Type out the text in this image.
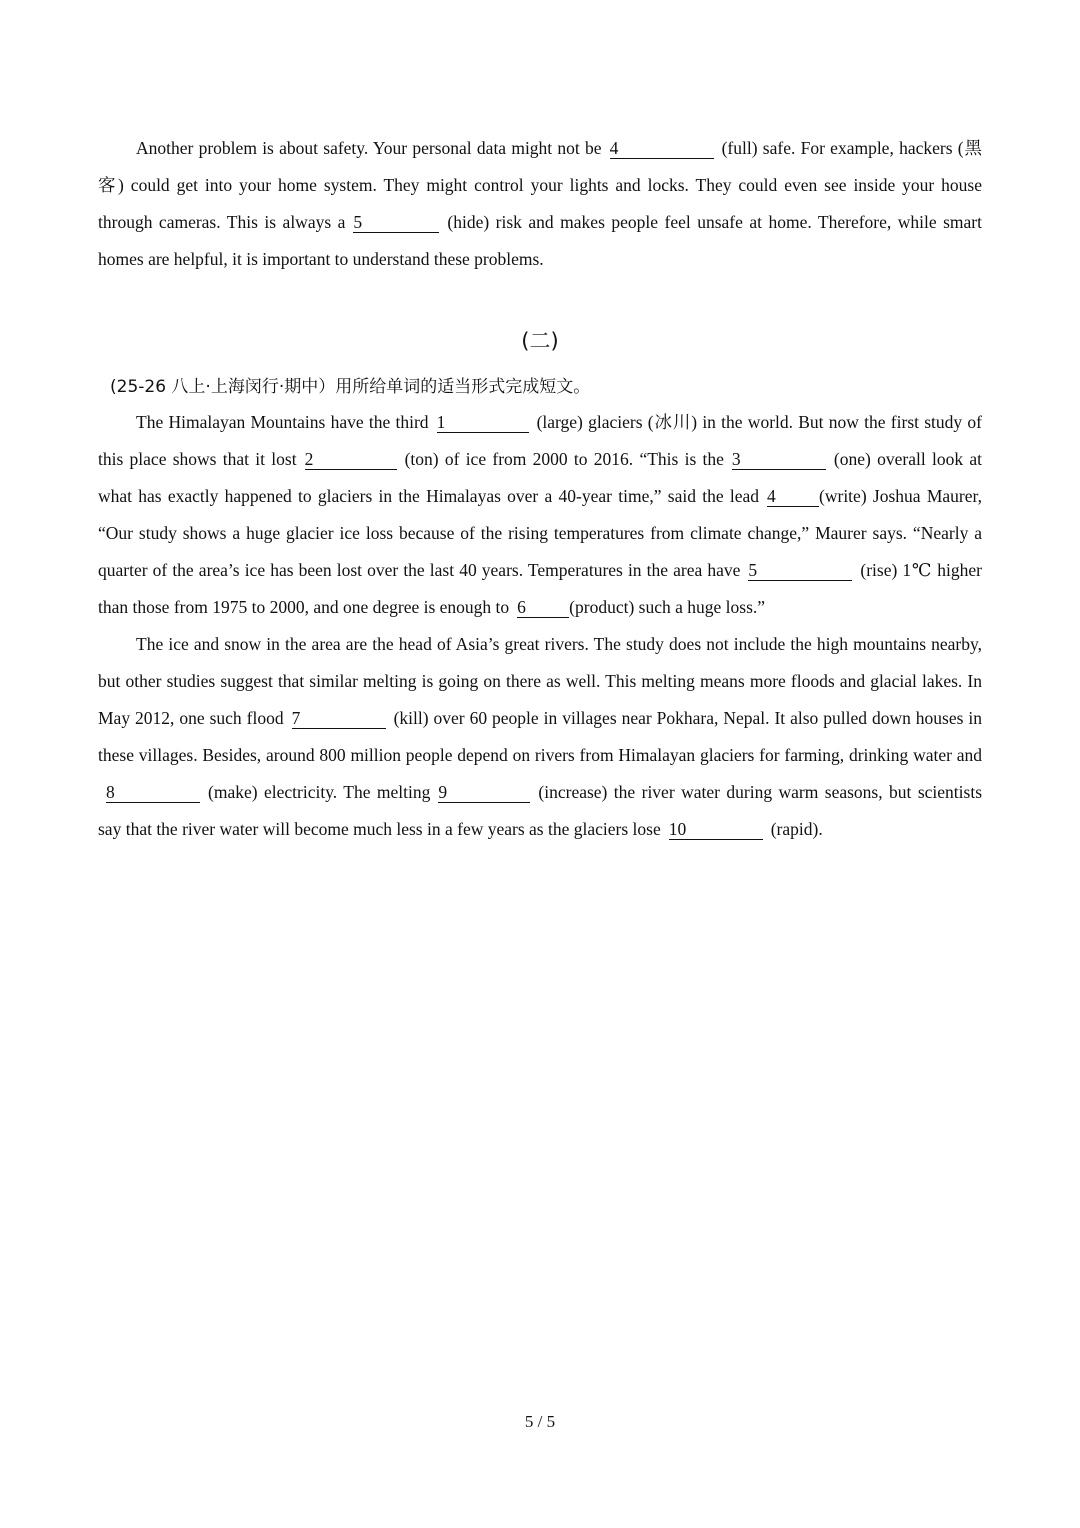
Another problem is about safety. Your personal data might not be 4	(full) safe. For example, hackers (黑客) could get into your home system. They might control your lights and locks. They could even see inside your house through cameras. This is always a 5	(hide) risk and makes people feel unsafe at home. Therefore, while smart homes are helpful, it is important to understand these problems.

(二)
(25-26 八上·上海闵行·期中）用所给单词的适当形式完成短文。

The Himalayan Mountains have the third 1	(large) glaciers (冰川) in the world. But now the first study of this place shows that it lost 2	(ton) of ice from 2000 to 2016. “This is the 3	(one) overall look at what has exactly happened to glaciers in the Himalayas over a 40-year time,” said the lead 4 (write) Joshua Maurer, “Our study shows a huge glacier ice loss because of the rising temperatures from climate change,” Maurer says. “Nearly a quarter of the area’s ice has been lost over the last 40 years. Temperatures in the area have 5	(rise) 1℃ higher than those from 1975 to 2000, and one degree is enough to 6 (product) such a huge loss.”

The ice and snow in the area are the head of Asia’s great rivers. The study does not include the high mountains nearby, but other studies suggest that similar melting is going on there as well. This melting means more floods and glacial lakes. In May 2012, one such flood 7	(kill) over 60 people in villages near Pokhara, Nepal. It also pulled down houses in these villages. Besides, around 800 million people depend on rivers from Himalayan glaciers for farming, drinking water and8	(make) electricity. The melting 9	(increase) the river water during warm seasons, but scientists say that the river water will become much less in a few years as the glaciers lose 10	(rapid).

5 / 5
